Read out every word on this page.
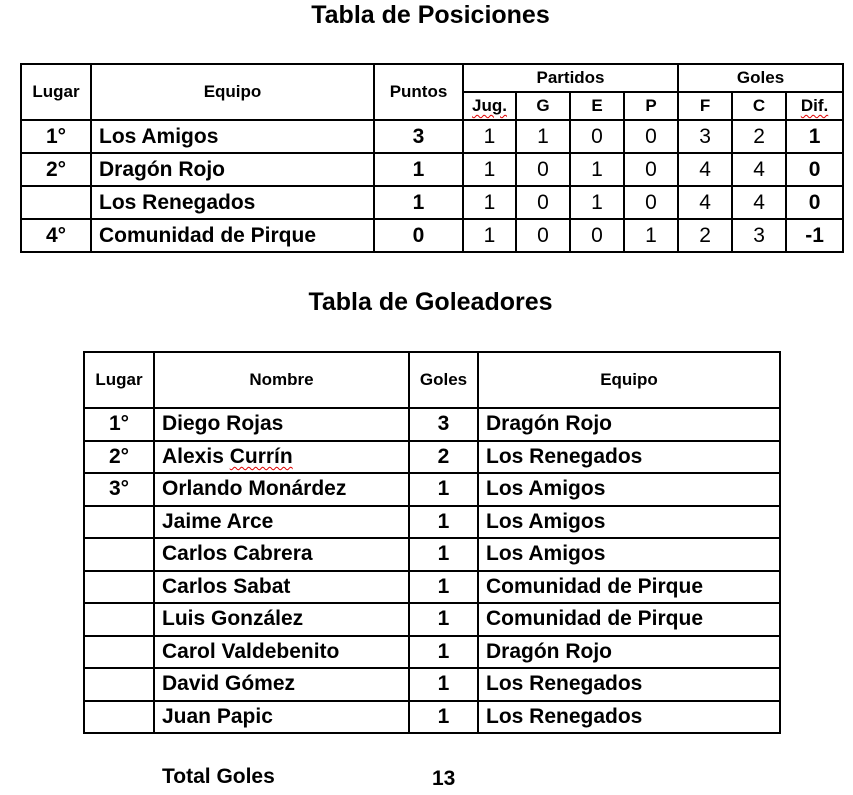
Tabla de Posiciones
Lugar	Equipo	Puntos	Partidos				Goles		
			Jug.	G	E	P	F	C	Dif.
1°	Los Amigos	3	1	1	0	0	3	2	1
2°	Dragón Rojo	1	1	0	1	0	4	4	0
	Los Renegados	1	1	0	1	0	4	4	0
4°	Comunidad de Pirque	0	1	0	0	1	2	3	-1
Tabla de Goleadores
Lugar	Nombre	Goles	Equipo
1°	Diego Rojas	3	Dragón Rojo
2°	Alexis Currín	2	Los Renegados
3°	Orlando Monárdez	1	Los Amigos
	Jaime Arce	1	Los Amigos
	Carlos Cabrera	1	Los Amigos
	Carlos Sabat	1	Comunidad de Pirque
	Luis González	1	Comunidad de Pirque
	Carol Valdebenito	1	Dragón Rojo
	David Gómez	1	Los Renegados
	Juan Papic	1	Los Renegados
Total Goles	13
